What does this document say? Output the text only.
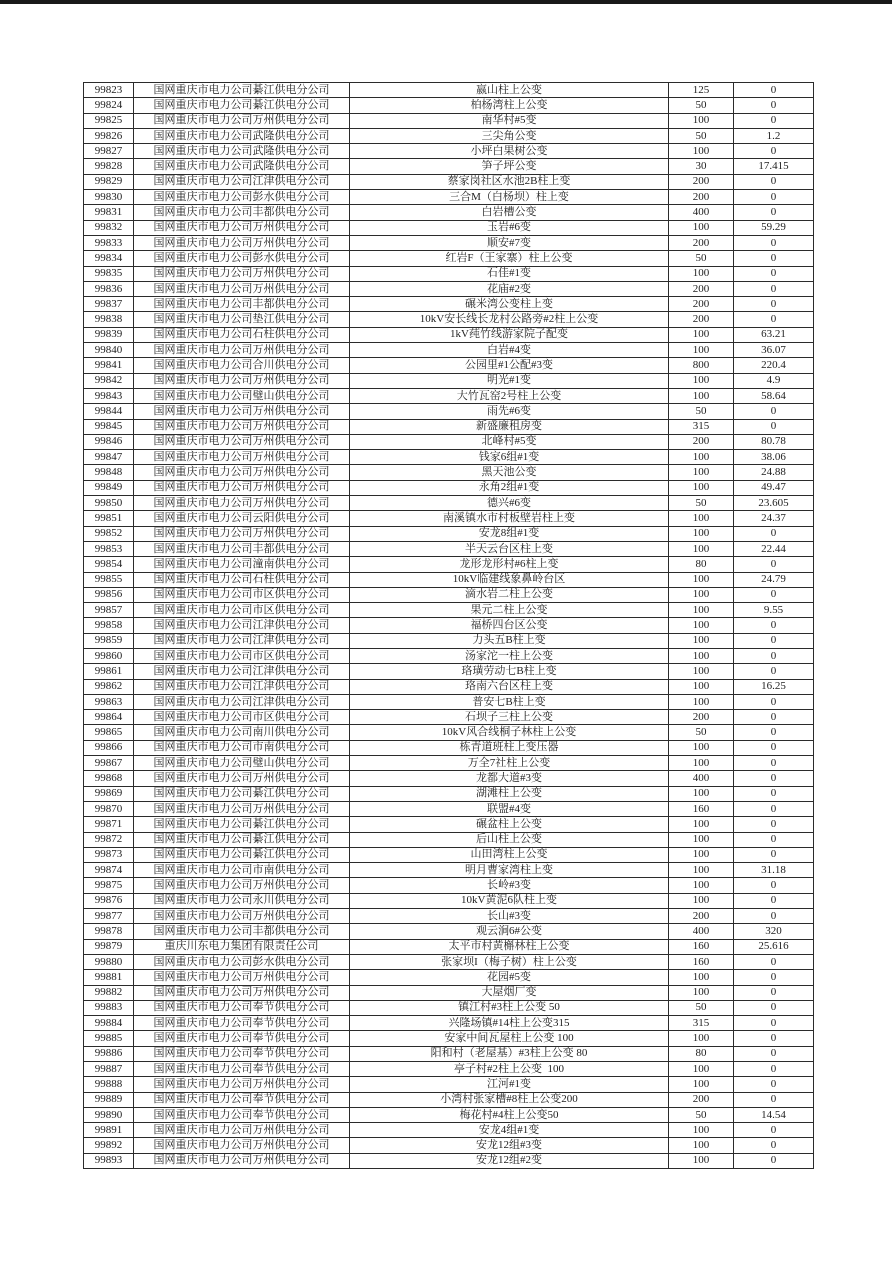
99823	国网重庆市电力公司綦江供电分公司	嬴山柱上公变	125	0
99824	国网重庆市电力公司綦江供电分公司	柏杨湾柱上公变	50	0
99825	国网重庆市电力公司万州供电分公司	南华村#5变	100	0
99826	国网重庆市电力公司武隆供电分公司	三尖角公变	50	1.2
99827	国网重庆市电力公司武隆供电分公司	小坪白果树公变	100	0
99828	国网重庆市电力公司武隆供电分公司	笋子坪公变	30	17.415
99829	国网重庆市电力公司江津供电分公司	蔡家岗社区水池2B柱上变	200	0
99830	国网重庆市电力公司彭水供电分公司	三合M（白杨坝）柱上变	200	0
99831	国网重庆市电力公司丰都供电分公司	白岩槽公变	400	0
99832	国网重庆市电力公司万州供电分公司	玉岩#6变	100	59.29
99833	国网重庆市电力公司万州供电分公司	顺安#7变	200	0
99834	国网重庆市电力公司彭水供电分公司	红岩F（王家寨）柱上公变	50	0
99835	国网重庆市电力公司万州供电分公司	石佳#1变	100	0
99836	国网重庆市电力公司万州供电分公司	花庙#2变	200	0
99837	国网重庆市电力公司丰都供电分公司	碾米湾公变柱上变	200	0
99838	国网重庆市电力公司垫江供电分公司	10kV安长线长龙村公路旁#2柱上公变	200	0
99839	国网重庆市电力公司石柱供电分公司	1kV莼竹线游家院子配变	100	63.21
99840	国网重庆市电力公司万州供电分公司	白岩#4变	100	36.07
99841	国网重庆市电力公司合川供电分公司	公园里#1公配#3变	800	220.4
99842	国网重庆市电力公司万州供电分公司	明光#1变	100	4.9
99843	国网重庆市电力公司璧山供电分公司	大竹瓦窑2号柱上公变	100	58.64
99844	国网重庆市电力公司万州供电分公司	雨先#6变	50	0
99845	国网重庆市电力公司万州供电分公司	新盛廉租房变	315	0
99846	国网重庆市电力公司万州供电分公司	北峰村#5变	200	80.78
99847	国网重庆市电力公司万州供电分公司	钱家6组#1变	100	38.06
99848	国网重庆市电力公司万州供电分公司	黑天池公变	100	24.88
99849	国网重庆市电力公司万州供电分公司	永角2组#1变	100	49.47
99850	国网重庆市电力公司万州供电分公司	德兴#6变	50	23.605
99851	国网重庆市电力公司云阳供电分公司	南溪镇水市村板壁岩柱上变	100	24.37
99852	国网重庆市电力公司万州供电分公司	安龙8组#1变	100	0
99853	国网重庆市电力公司丰都供电分公司	半天云台区柱上变	100	22.44
99854	国网重庆市电力公司潼南供电分公司	龙形龙形村#6柱上变	80	0
99855	国网重庆市电力公司石柱供电分公司	10kV临建线象鼻岭台区	100	24.79
99856	国网重庆市电力公司市区供电分公司	滴水岩二柱上公变	100	0
99857	国网重庆市电力公司市区供电分公司	果元二柱上公变	100	9.55
99858	国网重庆市电力公司江津供电分公司	福桥四台区公变	100	0
99859	国网重庆市电力公司江津供电分公司	力头五B柱上变	100	0
99860	国网重庆市电力公司市区供电分公司	汤家沱一柱上公变	100	0
99861	国网重庆市电力公司江津供电分公司	珞璜劳动七B柱上变	100	0
99862	国网重庆市电力公司江津供电分公司	珞南六台区柱上变	100	16.25
99863	国网重庆市电力公司江津供电分公司	普安七B柱上变	100	0
99864	国网重庆市电力公司市区供电分公司	石坝子三柱上公变	200	0
99865	国网重庆市电力公司南川供电分公司	10kV风合线桐子林柱上公变	50	0
99866	国网重庆市电力公司市南供电分公司	栋青道班柱上变压器	100	0
99867	国网重庆市电力公司璧山供电分公司	万全7社柱上公变	100	0
99868	国网重庆市电力公司万州供电分公司	龙都大道#3变	400	0
99869	国网重庆市电力公司綦江供电分公司	湖滩柱上公变	100	0
99870	国网重庆市电力公司万州供电分公司	联盟#4变	160	0
99871	国网重庆市电力公司綦江供电分公司	碾盆柱上公变	100	0
99872	国网重庆市电力公司綦江供电分公司	后山柱上公变	100	0
99873	国网重庆市电力公司綦江供电分公司	山田湾柱上公变	100	0
99874	国网重庆市电力公司市南供电分公司	明月曹家湾柱上变	100	31.18
99875	国网重庆市电力公司万州供电分公司	长岭#3变	100	0
99876	国网重庆市电力公司永川供电分公司	10kV黄泥6队柱上变	100	0
99877	国网重庆市电力公司万州供电分公司	长山#3变	200	0
99878	国网重庆市电力公司丰都供电分公司	观云涧6#公变	400	320
99879	重庆川东电力集团有限责任公司	太平市村黄槲林柱上公变	160	25.616
99880	国网重庆市电力公司彭水供电分公司	张家坝I（梅子树）柱上公变	160	0
99881	国网重庆市电力公司万州供电分公司	花园#5变	100	0
99882	国网重庆市电力公司万州供电分公司	大屋烟厂变	100	0
99883	国网重庆市电力公司奉节供电分公司	镇江村#3柱上公变 50	50	0
99884	国网重庆市电力公司奉节供电分公司	兴隆场镇#14柱上公变315	315	0
99885	国网重庆市电力公司奉节供电分公司	安家中间瓦屋柱上公变 100	100	0
99886	国网重庆市电力公司奉节供电分公司	阳和村（老屋基）#3柱上公变 80	80	0
99887	国网重庆市电力公司奉节供电分公司	亭子村#2柱上公变  100	100	0
99888	国网重庆市电力公司万州供电分公司	江河#1变	100	0
99889	国网重庆市电力公司奉节供电分公司	小湾村张家槽#8柱上公变200	200	0
99890	国网重庆市电力公司奉节供电分公司	梅花村#4柱上公变50	50	14.54
99891	国网重庆市电力公司万州供电分公司	安龙4组#1变	100	0
99892	国网重庆市电力公司万州供电分公司	安龙12组#3变	100	0
99893	国网重庆市电力公司万州供电分公司	安龙12组#2变	100	0
